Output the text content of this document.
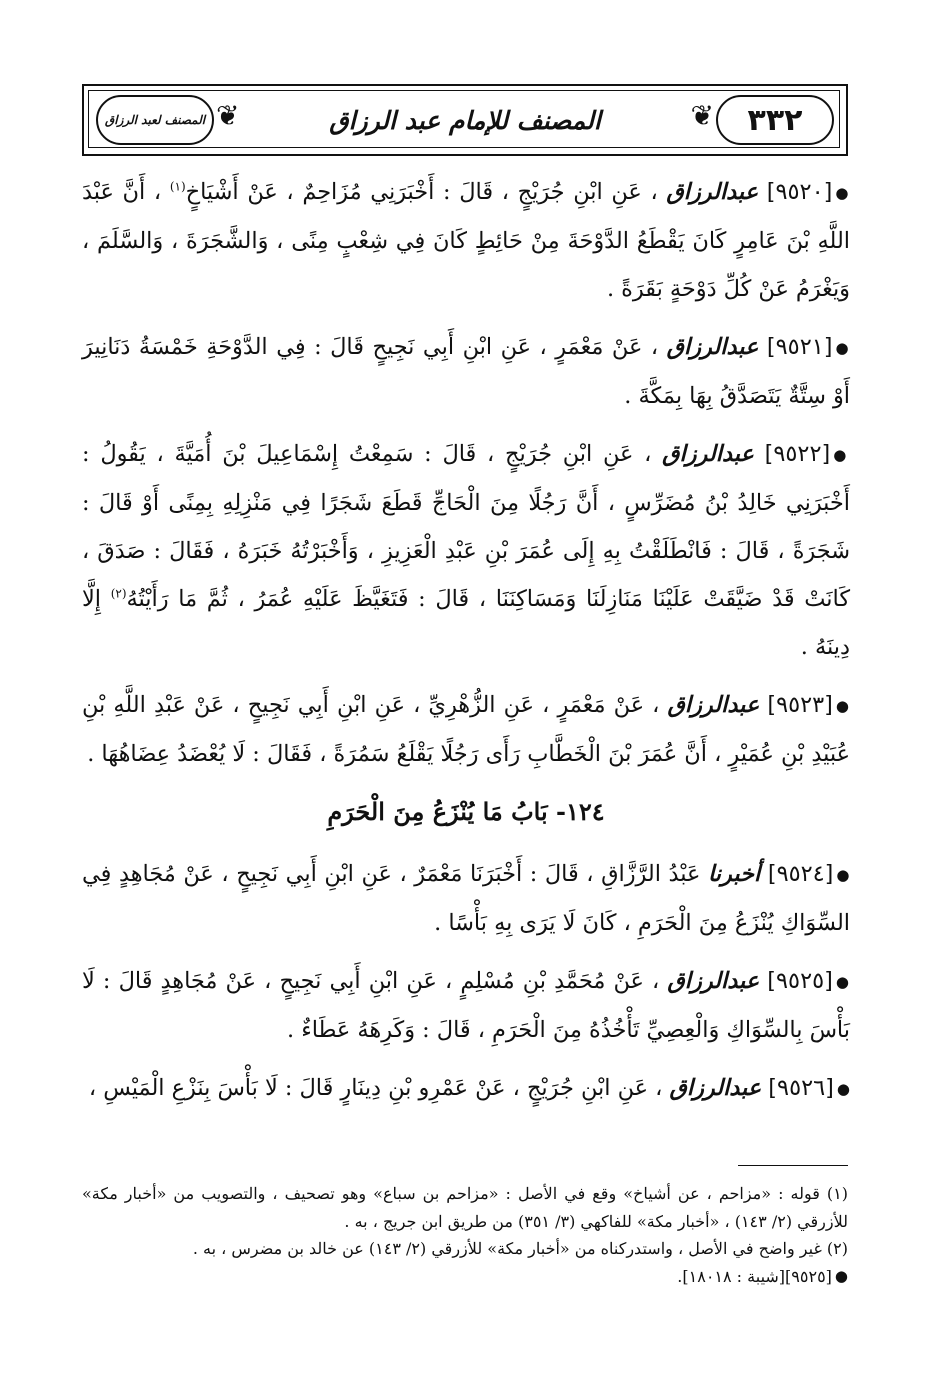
❦	❦
المصنف لعبد الرزاق	المصنف للإمام عبد الرزاق	٣٣٢

●[٩٥٢٠] عبدالرزاق ، عَنِ ابْنِ جُرَيْجٍ ، قَالَ : أَخْبَرَنِي مُزَاحِمٌ ، عَنْ أَشْيَاخٍ$^{(١)}$ ، أَنَّ عَبْدَ اللَّهِ بْنَ عَامِرٍ كَانَ يَقْطَعُ الدَّوْحَةَ مِنْ حَائِطٍ كَانَ فِي شِعْبٍ مِنًى ، وَالشَّجَرَةَ ، وَالسَّلَمَ ، وَيَغْرَمُ عَنْ كُلِّ دَوْحَةٍ بَقَرَةً .

●[٩٥٢١] عبدالرزاق ، عَنْ مَعْمَرٍ ، عَنِ ابْنِ أَبِي نَجِيحٍ قَالَ : فِي الدَّوْحَةِ خَمْسَةُ دَنَانِيرَ أَوْ سِتَّةٌ يَتَصَدَّقُ بِهَا بِمَكَّةَ .

●[٩٥٢٢] عبدالرزاق ، عَنِ ابْنِ جُرَيْجٍ ، قَالَ : سَمِعْتُ إِسْمَاعِيلَ بْنَ أُمَيَّةَ ، يَقُولُ : أَخْبَرَنِي خَالِدُ بْنُ مُضَرِّسٍ ، أَنَّ رَجُلًا مِنَ الْحَاجِّ قَطَعَ شَجَرًا فِي مَنْزِلِهِ بِمِنًى أَوْ قَالَ : شَجَرَةً ، قَالَ : فَانْطَلَقْتُ بِهِ إِلَى عُمَرَ بْنِ عَبْدِ الْعَزِيزِ ، وَأَخْبَرْتُهُ خَبَرَهُ ، فَقَالَ : صَدَقَ ، كَانَتْ قَدْ ضَيَّقَتْ عَلَيْنَا مَنَازِلَنَا وَمَسَاكِنَنَا ، قَالَ : فَتَغَيَّظَ عَلَيْهِ عُمَرُ ، ثُمَّ مَا رَأَيْتُهُ$^{(٢)}$ إِلَّا دِينَهُ .

●[٩٥٢٣] عبدالرزاق ، عَنْ مَعْمَرٍ ، عَنِ الزُّهْرِيِّ ، عَنِ ابْنِ أَبِي نَجِيحٍ ، عَنْ عَبْدِ اللَّهِ بْنِ عُبَيْدِ بْنِ عُمَيْرٍ ، أَنَّ عُمَرَ بْنَ الْخَطَّابِ رَأَى رَجُلًا يَقْلَعُ سَمُرَةً ، فَقَالَ : لَا يُعْضَدُ عِضَاهُهَا .

١٢٤- بَابُ مَا يُنْزَعُ مِنَ الْحَرَمِ

●[٩٥٢٤] أخبرنا عَبْدُ الرَّزَّاقِ ، قَالَ : أَخْبَرَنَا مَعْمَرٌ ، عَنِ ابْنِ أَبِي نَجِيحٍ ، عَنْ مُجَاهِدٍ فِي السِّوَاكِ يُنْزَعُ مِنَ الْحَرَمِ ، كَانَ لَا يَرَى بِهِ بَأْسًا .

●[٩٥٢٥] عبدالرزاق ، عَنْ مُحَمَّدِ بْنِ مُسْلِمٍ ، عَنِ ابْنِ أَبِي نَجِيحٍ ، عَنْ مُجَاهِدٍ قَالَ : لَا بَأْسَ بِالسِّوَاكِ وَالْعِصِيِّ تَأْخُذُهُ مِنَ الْحَرَمِ ، قَالَ : وَكَرِهَهُ عَطَاءٌ .

●[٩٥٢٦] عبدالرزاق ، عَنِ ابْنِ جُرَيْجٍ ، عَنْ عَمْرِو بْنِ دِينَارٍ قَالَ : لَا بَأْسَ بِنَزْعِ الْمَيْسِ ،

(١) قوله : «مزاحم ، عن أشياخ» وقع في الأصل : «مزاحم بن سباع» وهو تصحيف ، والتصويب من «أخبار مكة» للأزرقي (٢/ ١٤٣) ، «أخبار مكة» للفاكهي (٣/ ٣٥١) من طريق ابن جريج ، به .

(٢) غير واضح في الأصل ، واستدركناه من «أخبار مكة» للأزرقي (٢/ ١٤٣) عن خالد بن مضرس ، به .

●[٩٥٢٥][شيبة : ١٨٠١٨].
